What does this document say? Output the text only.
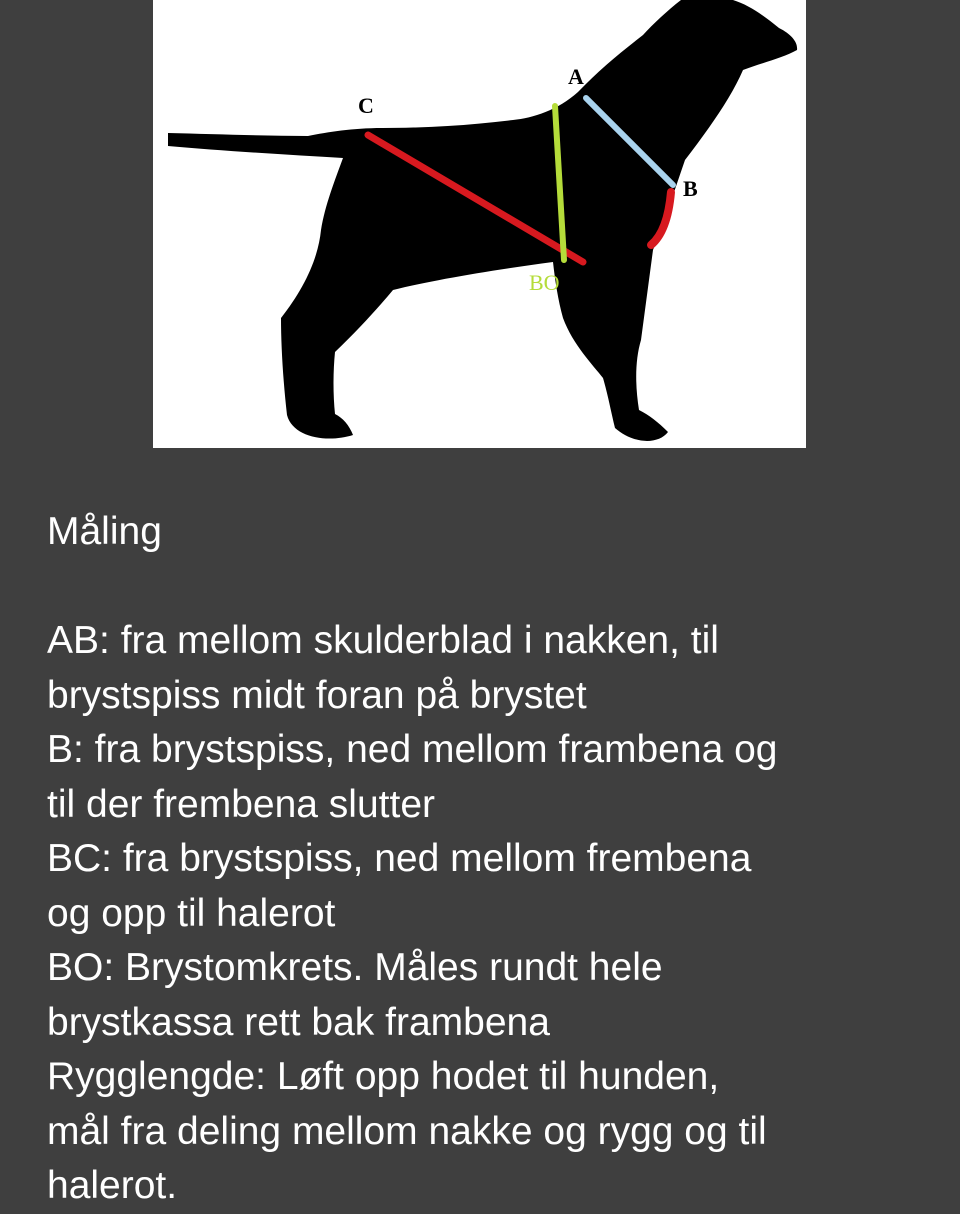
A
B
C
BO

Måling

AB: fra mellom skulderblad i nakken, til

brystspiss midt foran på brystet

B: fra brystspiss, ned mellom frambena og

til der frembena slutter

BC: fra brystspiss, ned mellom frembena

og opp til halerot

BO: Brystomkrets. Måles rundt hele

brystkassa rett bak frambena

Rygglengde: Løft opp hodet til hunden,

mål fra deling mellom nakke og rygg og til

halerot.
